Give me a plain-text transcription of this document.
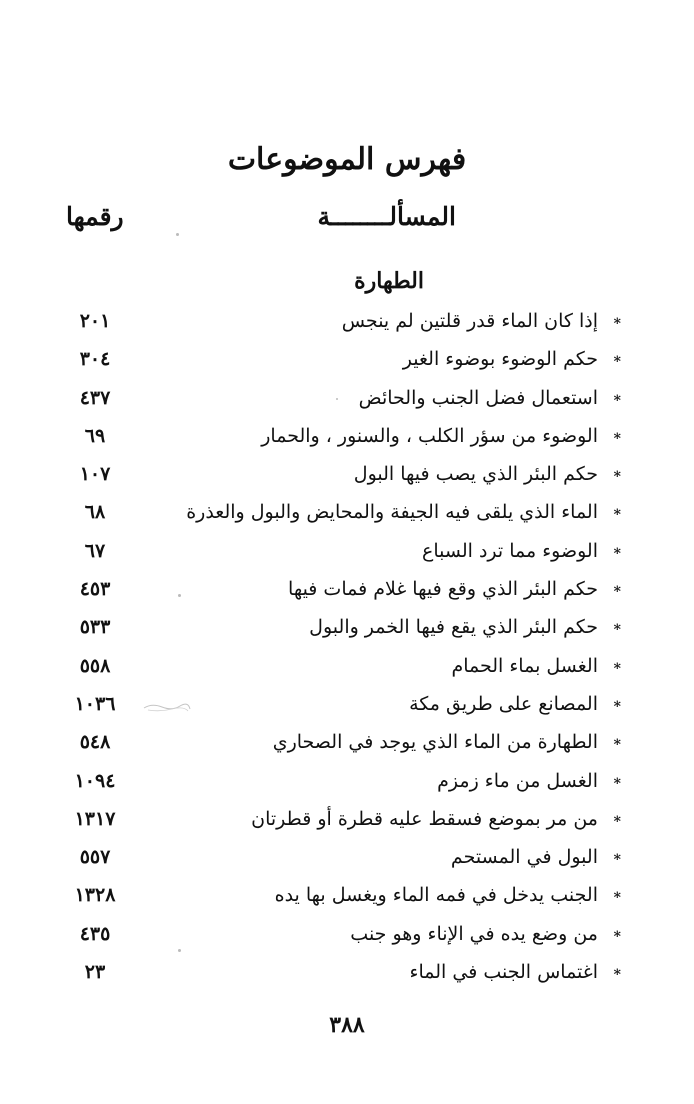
فهرس الموضوعات
المسألــــــــة
رقمها
الطهارة
*
إذا كان الماء قدر قلتين لم ينجس
٢٠١
*
حكم الوضوء بوضوء الغير
٣٠٤
*
استعمال فضل الجنب والحائض
٤٣٧
*
الوضوء من سؤر الكلب ، والسنور ، والحمار
٦٩
*
حكم البئر الذي يصب فيها البول
١٠٧
*
الماء الذي يلقى فيه الجيفة والمحايض والبول والعذرة
٦٨
*
الوضوء مما ترد السباع
٦٧
*
حكم البئر الذي وقع فيها غلام فمات فيها
٤٥٣
*
حكم البئر الذي يقع فيها الخمر والبول
٥٣٣
*
الغسل بماء الحمام
٥٥٨
*
المصانع على طريق مكة
١٠٣٦
*
الطهارة من الماء الذي يوجد في الصحاري
٥٤٨
*
الغسل من ماء زمزم
١٠٩٤
*
من مر بموضع فسقط عليه قطرة أو قطرتان
١٣١٧
*
البول في المستحم
٥٥٧
*
الجنب يدخل في فمه الماء ويغسل بها يده
١٣٢٨
*
من وضع يده في الإناء وهو جنب
٤٣٥
*
اغتماس الجنب في الماء
٢٣
٣٨٨
